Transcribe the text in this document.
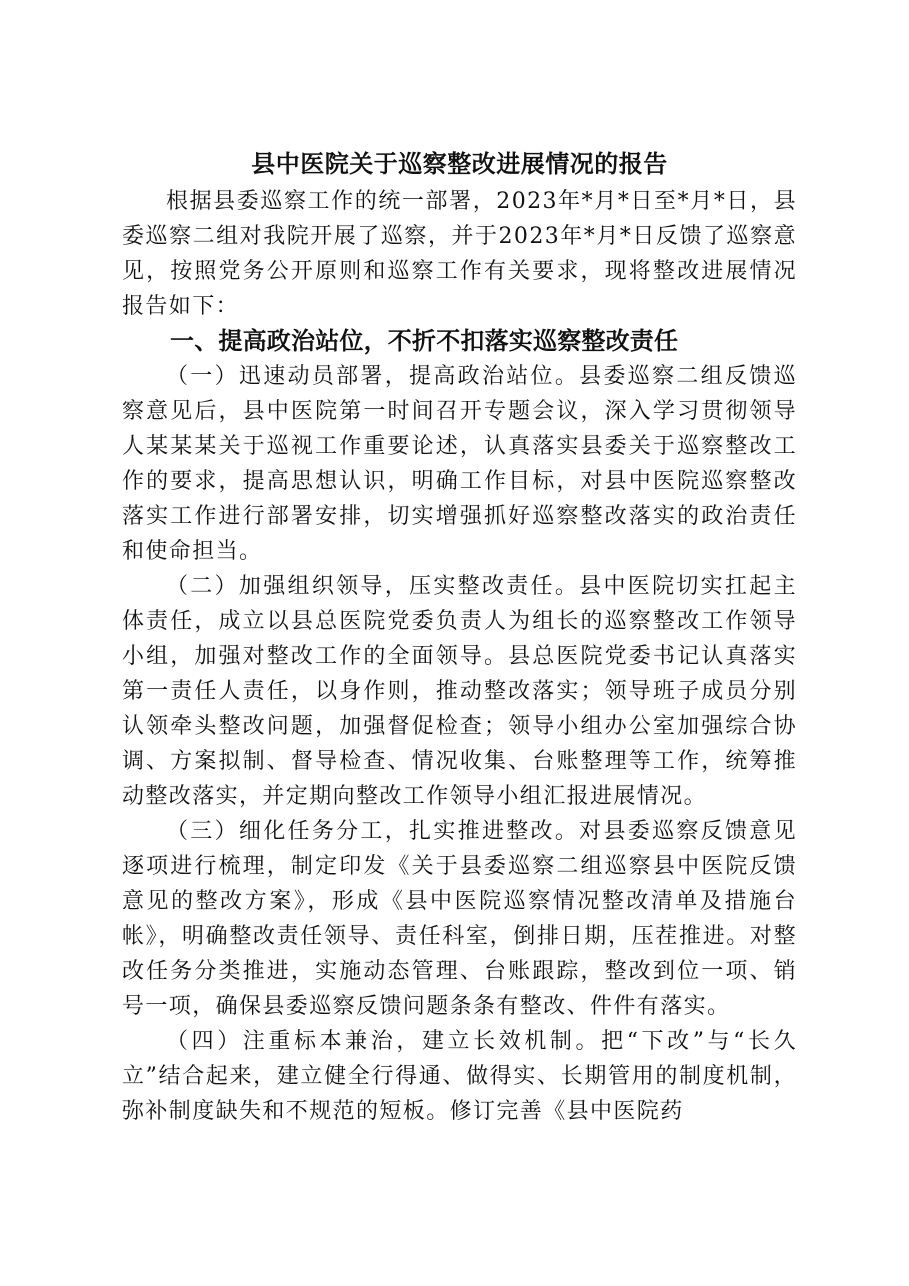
县中医院关于巡察整改进展情况的报告

根据县委巡察工作的统一部署，2023年*月*日至*月*日，县委巡察二组对我院开展了巡察，并于2023年*月*日反馈了巡察意见，按照党务公开原则和巡察工作有关要求，现将整改进展情况报告如下：

一、提高政治站位，不折不扣落实巡察整改责任

（一）迅速动员部署，提高政治站位。县委巡察二组反馈巡察意见后，县中医院第一时间召开专题会议，深入学习贯彻领导人某某某关于巡视工作重要论述，认真落实县委关于巡察整改工作的要求，提高思想认识，明确工作目标，对县中医院巡察整改落实工作进行部署安排，切实增强抓好巡察整改落实的政治责任和使命担当。

（二）加强组织领导，压实整改责任。县中医院切实扛起主体责任，成立以县总医院党委负责人为组长的巡察整改工作领导小组，加强对整改工作的全面领导。县总医院党委书记认真落实第一责任人责任，以身作则，推动整改落实；领导班子成员分别认领牵头整改问题，加强督促检查；领导小组办公室加强综合协调、方案拟制、督导检查、情况收集、台账整理等工作，统筹推动整改落实，并定期向整改工作领导小组汇报进展情况。

（三）细化任务分工，扎实推进整改。对县委巡察反馈意见逐项进行梳理，制定印发《关于县委巡察二组巡察县中医院反馈意见的整改方案》，形成《县中医院巡察情况整改清单及措施台帐》，明确整改责任领导、责任科室，倒排日期，压茬推进。对整改任务分类推进，实施动态管理、台账跟踪，整改到位一项、销号一项，确保县委巡察反馈问题条条有整改、件件有落实。

（四）注重标本兼治，建立长效机制。把“下改”与“长久立”结合起来，建立健全行得通、做得实、长期管用的制度机制，弥补制度缺失和不规范的短板。修订完善《县中医院药
